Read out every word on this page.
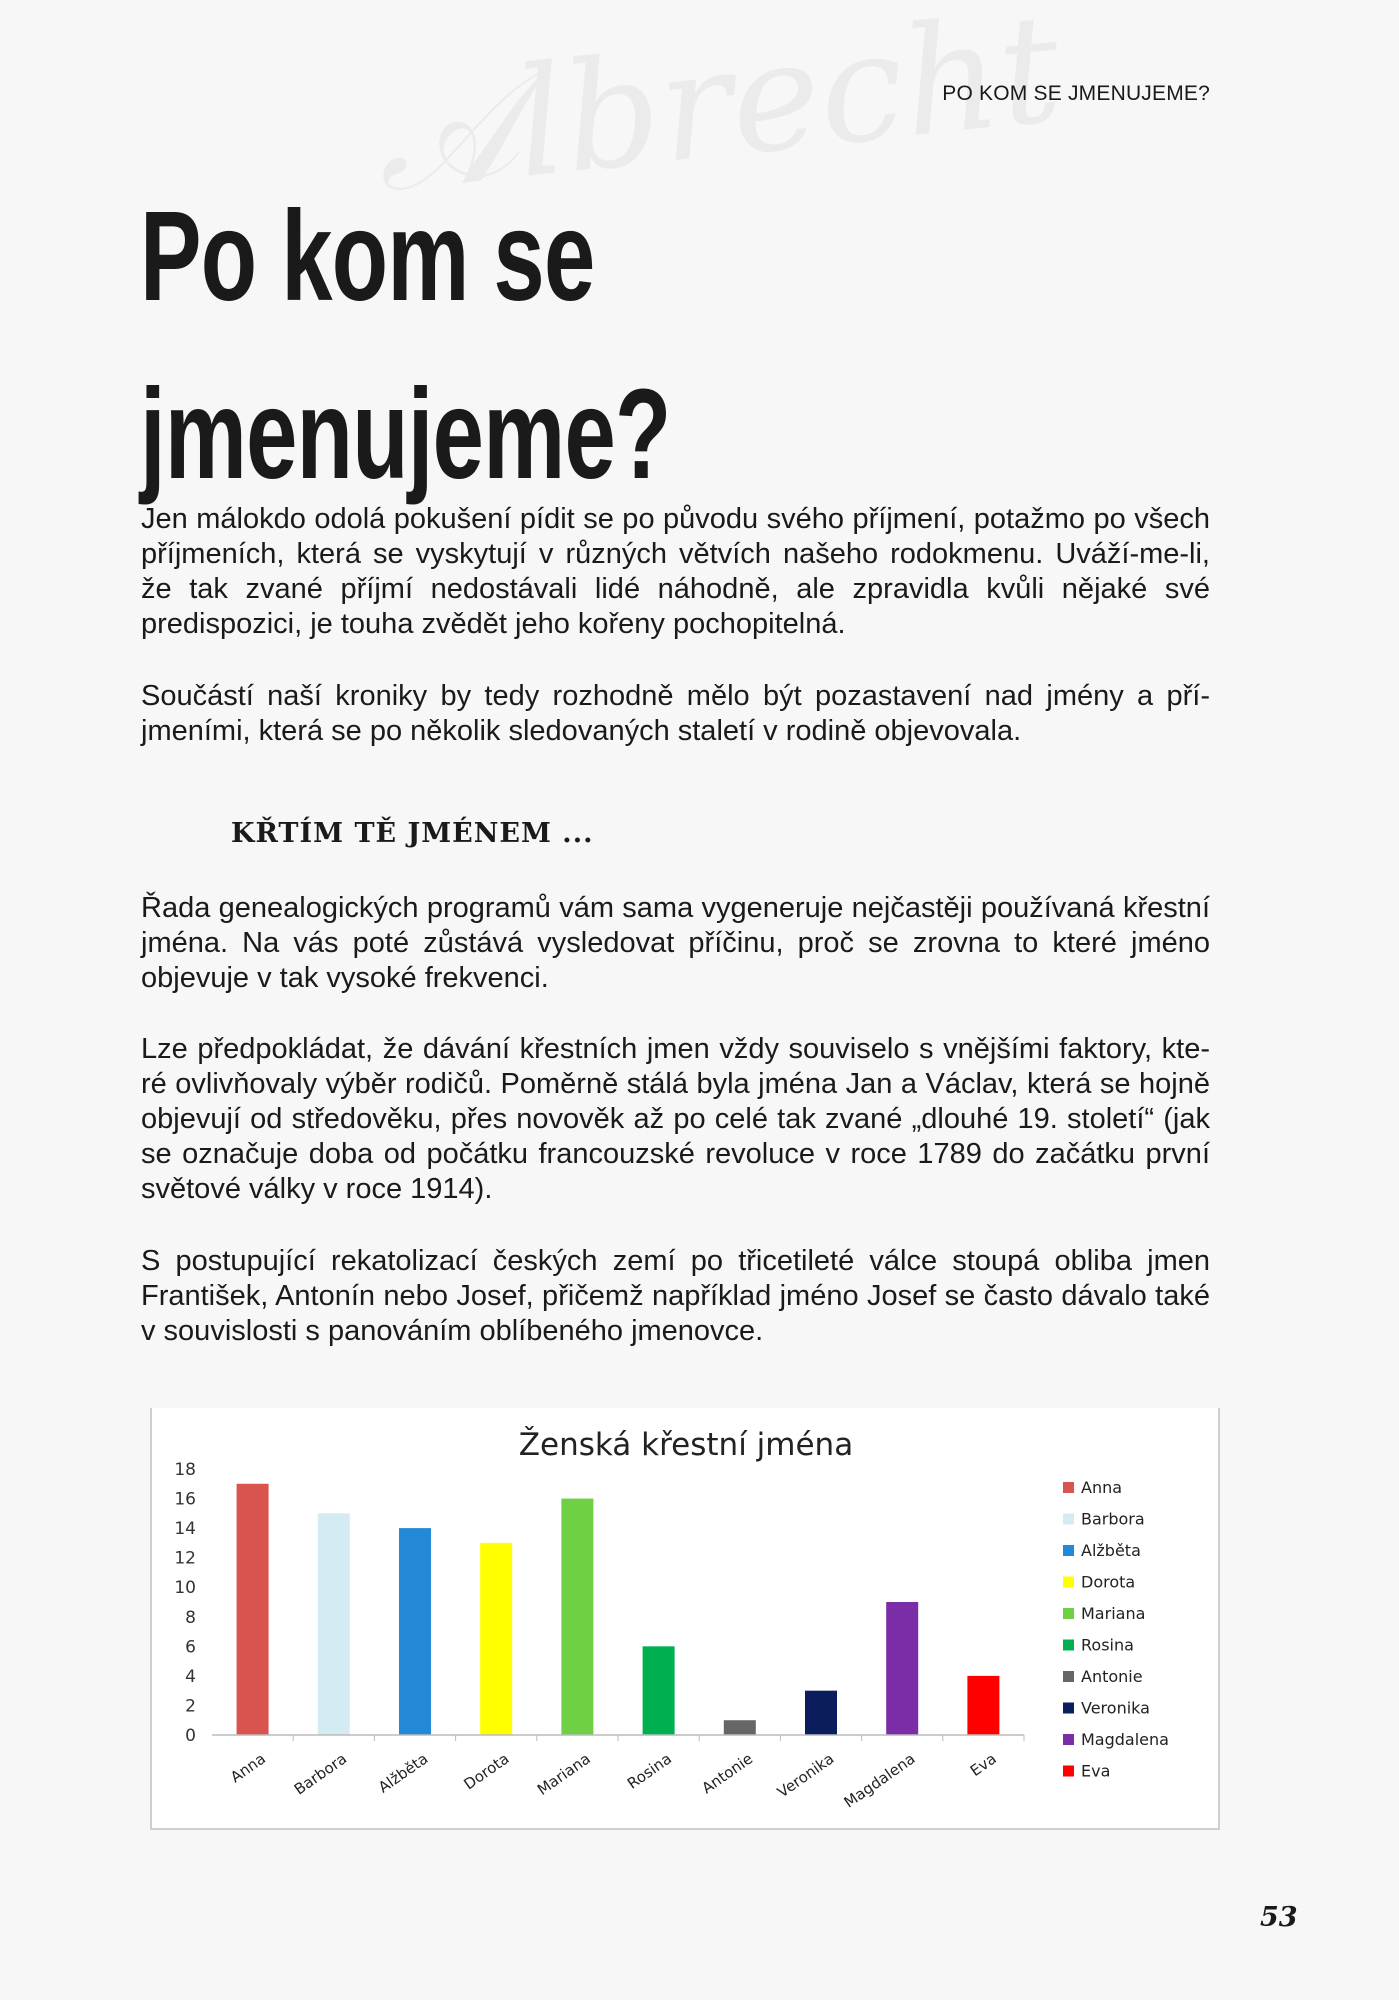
PO KOM SE JMENUJEME?
Po kom se
jmenujeme?

Jen málokdo odolá pokušení pídit se po původu svého příjmení, potažmo po všech příjmeních, která se vyskytují v různých větvích našeho rodokmenu. Uváží-me-li, že tak zvané příjmí nedostávali lidé náhodně, ale zpravidla kvůli nějaké své predispozici, je touha zvědět jeho kořeny pochopitelná.

Součástí naší kroniky by tedy rozhodně mělo být pozastavení nad jmény a pří-jmeními, která se po několik sledovaných staletí v rodině objevovala.

KŘTÍM TĚ JMÉNEM ...

Řada genealogických programů vám sama vygeneruje nejčastěji používaná křestní jména. Na vás poté zůstává vysledovat příčinu, proč se zrovna to které jméno objevuje v tak vysoké frekvenci.

Lze předpokládat, že dávání křestních jmen vždy souviselo s vnějšími faktory, kte-ré ovlivňovaly výběr rodičů. Poměrně stálá byla jména Jan a Václav, která se hojně objevují od středověku, přes novověk až po celé tak zvané „dlouhé 19. století“ (jak se označuje doba od počátku francouzské revoluce v roce 1789 do začátku první světové války v roce 1914).

S postupující rekatolizací českých zemí po třicetileté válce stoupá obliba jmen František, Antonín nebo Josef, přičemž například jméno Josef se často dávalo také v souvislosti s panováním oblíbeného jmenovce.

Ženská křestní jména
0
2
4
6
8
10
12
14
16
18
Anna Barbora Alžběta Dorota Mariana Rosina Antonie Veronika Magdalena	Eva
Anna
Barbora
Alžběta
Dorota
Mariana
Rosina
Antonie
Veronika
Magdalena
Eva
53
